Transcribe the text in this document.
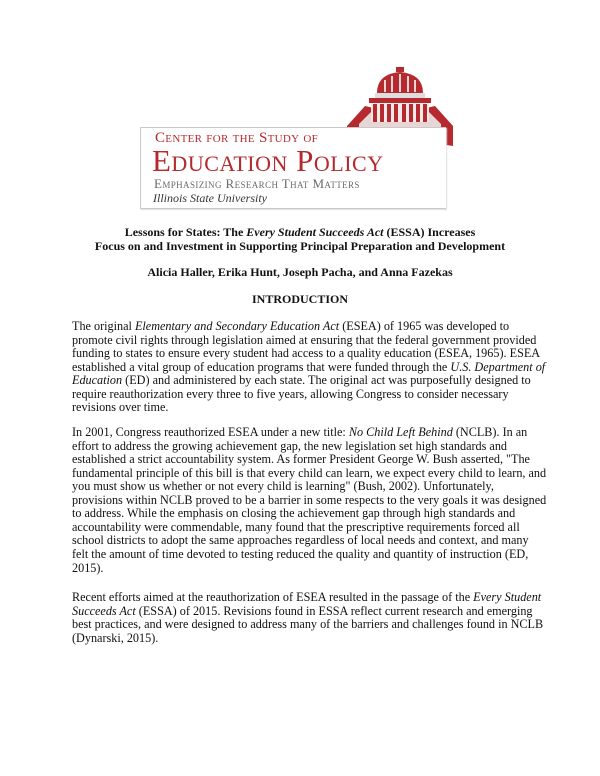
Center for the Study of
Education Policy
Emphasizing Research That Matters
Illinois State University
Lessons for States: The Every Student Succeeds Act (ESSA) Increases
Focus on and Investment in Supporting Principal Preparation and Development
Alicia Haller, Erika Hunt, Joseph Pacha, and Anna Fazekas
INTRODUCTION
The original Elementary and Secondary Education Act (ESEA) of 1965 was developed to
promote civil rights through legislation aimed at ensuring that the federal government provided
funding to states to ensure every student had access to a quality education (ESEA, 1965). ESEA
established a vital group of education programs that were funded through the U.S. Department of
Education (ED) and administered by each state. The original act was purposefully designed to
require reauthorization every three to five years, allowing Congress to consider necessary
revisions over time.
In 2001, Congress reauthorized ESEA under a new title: No Child Left Behind (NCLB). In an
effort to address the growing achievement gap, the new legislation set high standards and
established a strict accountability system. As former President George W. Bush asserted, "The
fundamental principle of this bill is that every child can learn, we expect every child to learn, and
you must show us whether or not every child is learning" (Bush, 2002). Unfortunately,
provisions within NCLB proved to be a barrier in some respects to the very goals it was designed
to address. While the emphasis on closing the achievement gap through high standards and
accountability were commendable, many found that the prescriptive requirements forced all
school districts to adopt the same approaches regardless of local needs and context, and many
felt the amount of time devoted to testing reduced the quality and quantity of instruction (ED,
2015).
Recent efforts aimed at the reauthorization of ESEA resulted in the passage of the Every Student
Succeeds Act (ESSA) of 2015. Revisions found in ESSA reflect current research and emerging
best practices, and were designed to address many of the barriers and challenges found in NCLB
(Dynarski, 2015).
